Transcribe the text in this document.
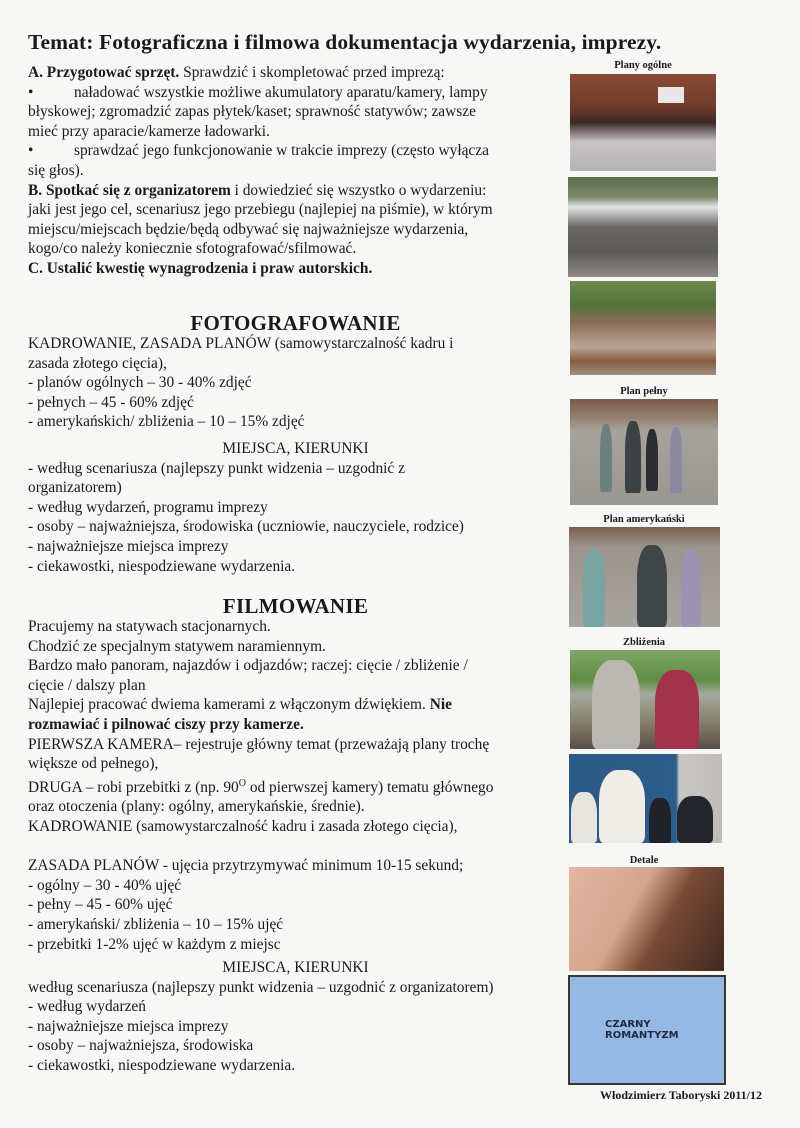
Temat: Fotograficzna i filmowa dokumentacja wydarzenia, imprezy.

A. Przygotować sprzęt. Sprawdzić i skompletować przed imprezą:

•	naładować wszystkie możliwe akumulatory aparatu/kamery, lampy

błyskowej; zgromadzić zapas płytek/kaset; sprawność statywów; zawsze

mieć przy aparacie/kamerze ładowarki.

•	sprawdzać jego funkcjonowanie w trakcie imprezy (często wyłącza

się głos).

B. Spotkać się z organizatorem i dowiedzieć się wszystko o wydarzeniu:

jaki jest jego cel, scenariusz jego przebiegu (najlepiej na piśmie), w którym

miejscu/miejscach będzie/będą odbywać się najważniejsze wydarzenia,

kogo/co należy koniecznie sfotografować/sfilmować.

C. Ustalić kwestię wynagrodzenia i praw autorskich.

FOTOGRAFOWANIE

KADROWANIE, ZASADA PLANÓW (samowystarczalność kadru i

zasada złotego cięcia),

- planów ogólnych – 30 - 40% zdjęć

- pełnych – 45 - 60% zdjęć

- amerykańskich/ zbliżenia – 10 – 15% zdjęć

MIEJSCA, KIERUNKI

- według scenariusza (najlepszy punkt widzenia – uzgodnić z

organizatorem)

- według wydarzeń, programu imprezy

- osoby – najważniejsza, środowiska (uczniowie, nauczyciele, rodzice)

- najważniejsze miejsca imprezy

- ciekawostki, niespodziewane wydarzenia.

FILMOWANIE

Pracujemy na statywach stacjonarnych.

Chodzić ze specjalnym statywem naramiennym.

Bardzo mało panoram, najazdów i odjazdów; raczej: cięcie / zbliżenie /

cięcie / dalszy plan

Najlepiej pracować dwiema kamerami z włączonym dźwiękiem. Nie

rozmawiać i pilnować ciszy przy kamerze.

PIERWSZA KAMERA– rejestruje główny temat (przeważają plany trochę

większe od pełnego),

DRUGA – robi przebitki z (np. $90^O$ od pierwszej kamery) tematu głównego

oraz otoczenia (plany: ogólny, amerykańskie, średnie).

KADROWANIE (samowystarczalność kadru i zasada złotego cięcia),

ZASADA PLANÓW - ujęcia przytrzymywać minimum 10-15 sekund;

- ogólny – 30 - 40% ujęć

- pełny – 45 - 60% ujęć

- amerykański/ zbliżenia – 10 – 15% ujęć

- przebitki 1-2% ujęć w każdym z miejsc

MIEJSCA, KIERUNKI

według scenariusza (najlepszy punkt widzenia – uzgodnić z organizatorem)

- według wydarzeń

- najważniejsze miejsca imprezy

- osoby – najważniejsza, środowiska

- ciekawostki, niespodziewane wydarzenia.

Plany ogólne
Plan pełny
Plan amerykański
Zbliżenia
Detale
CZARNY ROMANTYZM
Włodzimierz Taboryski 2011/12
